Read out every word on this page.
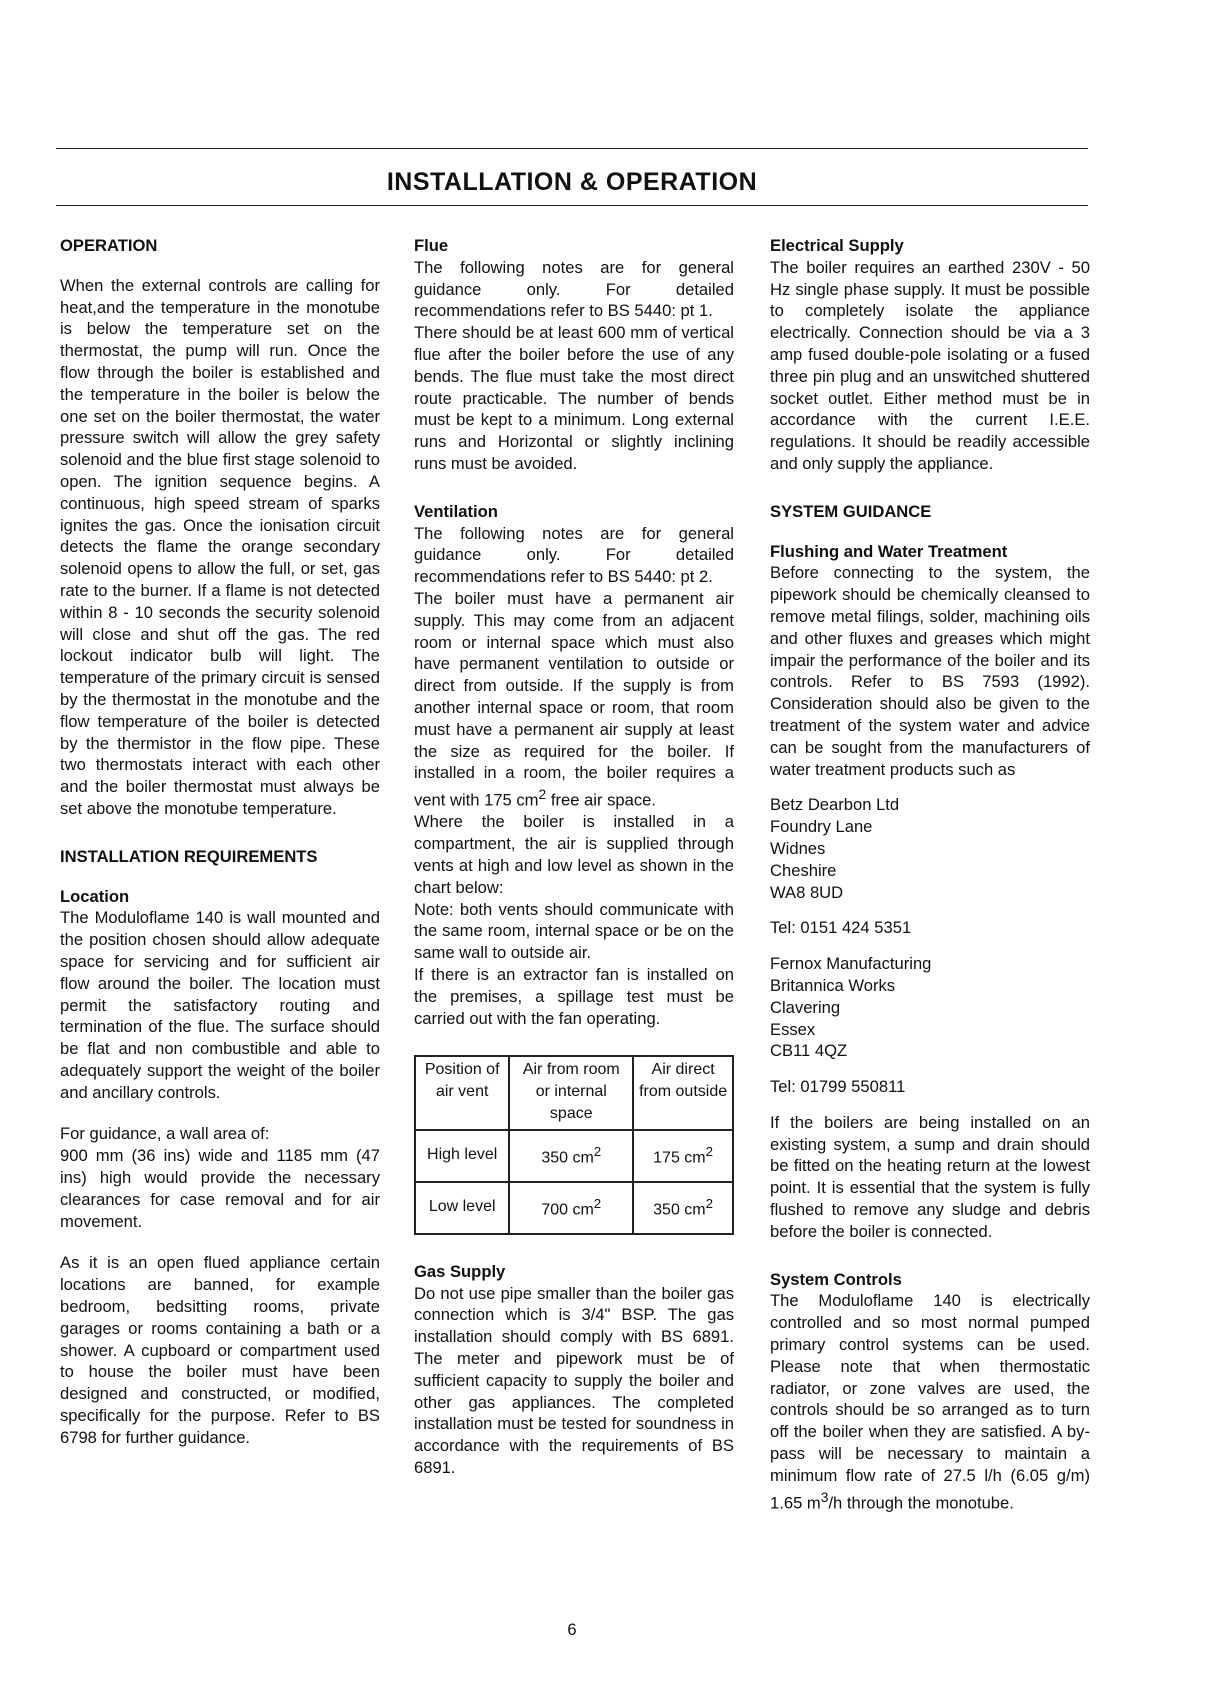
INSTALLATION & OPERATION
OPERATION

When the external controls are calling for heat,and the temperature in the monotube is below the temperature set on the thermostat, the pump will run. Once the flow through the boiler is established and the temperature in the boiler is below the one set on the boiler thermostat, the water pressure switch will allow the grey safety solenoid and the blue first stage solenoid to open. The ignition sequence begins. A continuous, high speed stream of sparks ignites the gas. Once the ionisation circuit detects the flame the orange secondary solenoid opens to allow the full, or set, gas rate to the burner. If a flame is not detected within 8 - 10 seconds the security solenoid will close and shut off the gas. The red lockout indicator bulb will light. The temperature of the primary circuit is sensed by the thermostat in the monotube and the flow temperature of the boiler is detected by the thermistor in the flow pipe. These two thermostats interact with each other and the boiler thermostat must always be set above the monotube temperature.

INSTALLATION REQUIREMENTS
Location

The Moduloflame 140 is wall mounted and the position chosen should allow adequate space for servicing and for sufficient air flow around the boiler. The location must permit the satisfactory routing and termination of the flue. The surface should be flat and non combustible and able to adequately support the weight of the boiler and ancillary controls.

For guidance, a wall area of:

900 mm (36 ins) wide and 1185 mm (47 ins) high would provide the necessary clearances for case removal and for air movement.

As it is an open flued appliance certain locations are banned, for example bedroom, bedsitting rooms, private garages or rooms containing a bath or a shower. A cupboard or compartment used to house the boiler must have been designed and constructed, or modified, specifically for the purpose. Refer to BS 6798 for further guidance.

Flue

The following notes are for general guidance only. For detailed recommendations refer to BS 5440: pt 1.

There should be at least 600 mm of vertical flue after the boiler before the use of any bends. The flue must take the most direct route practicable. The number of bends must be kept to a minimum. Long external runs and Horizontal or slightly inclining runs must be avoided.

Ventilation

The following notes are for general guidance only. For detailed recommendations refer to BS 5440: pt 2.

The boiler must have a permanent air supply. This may come from an adjacent room or internal space which must also have permanent ventilation to outside or direct from outside. If the supply is from another internal space or room, that room must have a permanent air supply at least the size as required for the boiler. If installed in a room, the boiler requires a vent with 175 $cm^2$ free air space.

Where the boiler is installed in a compartment, the air is supplied through vents at high and low level as shown in the chart below:

Note: both vents should communicate with the same room, internal space or be on the same wall to outside air.

If there is an extractor fan is installed on the premises, a spillage test must be carried out with the fan operating.

Position of air vent	Air from room or internal space	Air direct from outside
High level	350 $cm^2$	175 $cm^2$
Low level	700 $cm^2$	350 $cm^2$
Gas Supply

Do not use pipe smaller than the boiler gas connection which is 3/4" BSP. The gas installation should comply with BS 6891. The meter and pipework must be of sufficient capacity to supply the boiler and other gas appliances. The completed installation must be tested for soundness in accordance with the requirements of BS 6891.

Electrical Supply

The boiler requires an earthed 230V - 50 Hz single phase supply. It must be possible to completely isolate the appliance electrically. Connection should be via a 3 amp fused double-pole isolating or a fused three pin plug and an unswitched shuttered socket outlet. Either method must be in accordance with the current I.E.E. regulations. It should be readily accessible and only supply the appliance.

SYSTEM GUIDANCE
Flushing and Water Treatment

Before connecting to the system, the pipework should be chemically cleansed to remove metal filings, solder, machining oils and other fluxes and greases which might impair the performance of the boiler and its controls. Refer to BS 7593 (1992). Consideration should also be given to the treatment of the system water and advice can be sought from the manufacturers of water treatment products such as

Betz Dearbon Ltd

Foundry Lane

Widnes

Cheshire

WA8 8UD

Tel: 0151 424 5351

Fernox Manufacturing

Britannica Works

Clavering

Essex

CB11 4QZ

Tel: 01799 550811

If the boilers are being installed on an existing system, a sump and drain should be fitted on the heating return at the lowest point. It is essential that the system is fully flushed to remove any sludge and debris before the boiler is connected.

System Controls

The Moduloflame 140 is electrically controlled and so most normal pumped primary control systems can be used. Please note that when thermostatic radiator, or zone valves are used, the controls should be so arranged as to turn off the boiler when they are satisfied. A by-pass will be necessary to maintain a minimum flow rate of 27.5 l/h (6.05 g/m) 1.65 $m^3/h$ through the monotube.

6
